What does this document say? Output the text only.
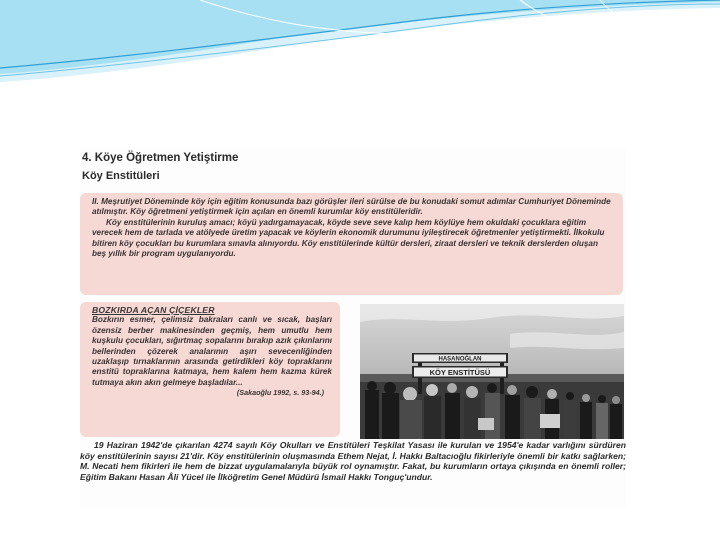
4. Köye Öğretmen Yetiştirme
Köy Enstitüleri

II. Meşrutiyet Döneminde köy için eğitim konusunda bazı görüşler ileri sürülse de bu konudaki somut adımlar Cumhuriyet Döneminde atılmıştır. Köy öğretmeni yetiştirmek için açılan en önemli kurumlar köy enstitüleridir.

Köy enstitülerinin kuruluş amacı; köyü yadırgamayacak, köyde seve seve kalıp hem köylüye hem okuldaki çocuklara eğitim verecek hem de tarlada ve atölyede üretim yapacak ve köylerin ekonomik durumunu iyileştirecek öğretmenler yetiştirmekti. İlkokulu bitiren köy çocukları bu kurumlara sınavla alınıyordu. Köy enstitülerinde kültür dersleri, ziraat dersleri ve teknik derslerden oluşan beş yıllık bir program uygulanıyordu.

BOZKIRDA AÇAN ÇİÇEKLER
Bozkırın esmer, çelimsiz bakraları canlı ve sıcak, başları özensiz berber makinesinden geçmiş, hem umutlu hem kuşkulu çocukları, sığırtmaç sopalarını bırakıp azık çıkınlarını bellerinden çözerek analarının aşırı sevecenliğinden uzaklaşıp tırnaklarının arasında getirdikleri köy topraklarını enstitü topraklarına katmaya, hem kalem hem kazma kürek tutmaya akın akın gelmeye başladılar...
(Sakaoğlu 1992, s. 93-94.)
HASANOĞLAN
KÖY ENSTİTÜSÜ

19 Haziran 1942'de çıkarılan 4274 sayılı Köy Okulları ve Enstitüleri Teşkilat Yasası ile kurulan ve 1954'e kadar varlığını sürdüren köy enstitülerinin sayısı 21'dir. Köy enstitülerinin oluşmasında Ethem Nejat, İ. Hakkı Baltacıoğlu fikirleriyle önemli bir katkı sağlarken; M. Necati hem fikirleri ile hem de bizzat uygulamalarıyla büyük rol oynamıştır. Fakat, bu kurumların ortaya çıkışında en önemli roller; Eğitim Bakanı Hasan Âli Yücel ile İlköğretim Genel Müdürü İsmail Hakkı Tonguç'undur.
